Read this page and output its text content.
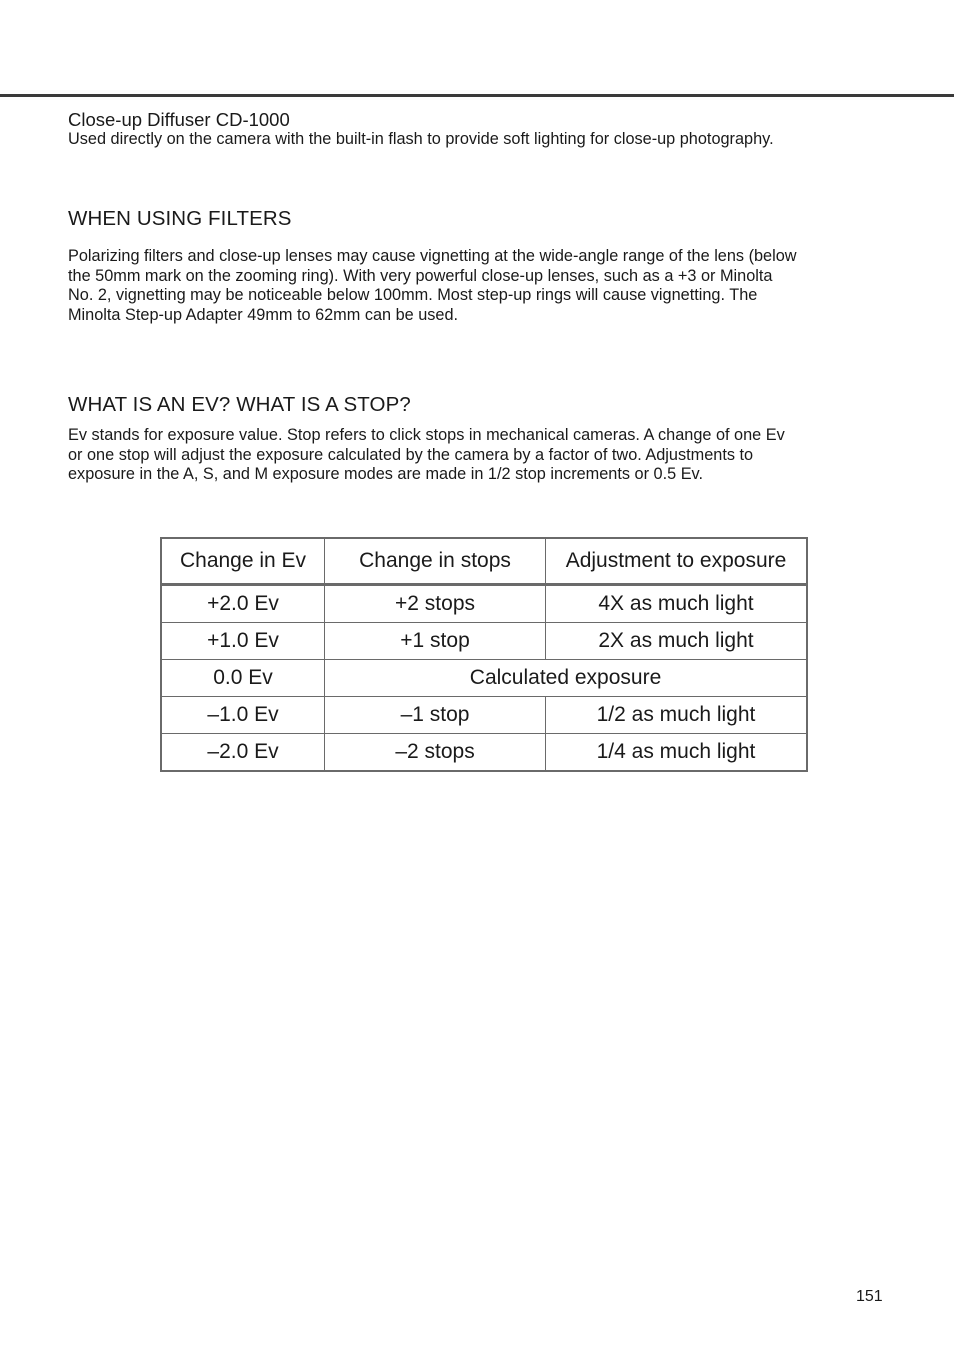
Close-up Diffuser CD-1000
Used directly on the camera with the built-in flash to provide soft lighting for close-up photography.
WHEN USING FILTERS
Polarizing filters and close-up lenses may cause vignetting at the wide-angle range of the lens (below
the 50mm mark on the zooming ring). With very powerful close-up lenses, such as a +3 or Minolta
No. 2, vignetting may be noticeable below 100mm. Most step-up rings will cause vignetting. The
Minolta Step-up Adapter 49mm to 62mm can be used.
WHAT IS AN EV? WHAT IS A STOP?
Ev stands for exposure value. Stop refers to click stops in mechanical cameras. A change of one Ev
or one stop will adjust the exposure calculated by the camera by a factor of two. Adjustments to
exposure in the A, S, and M exposure modes are made in 1/2 stop increments or 0.5 Ev.
Change in Ev	Change in stops	Adjustment to exposure
+2.0 Ev	+2 stops	4X as much light
+1.0 Ev	+1 stop	2X as much light
0.0 Ev	Calculated exposure	
–1.0 Ev	–1 stop	1/2 as much light
–2.0 Ev	–2 stops	1/4 as much light
151
